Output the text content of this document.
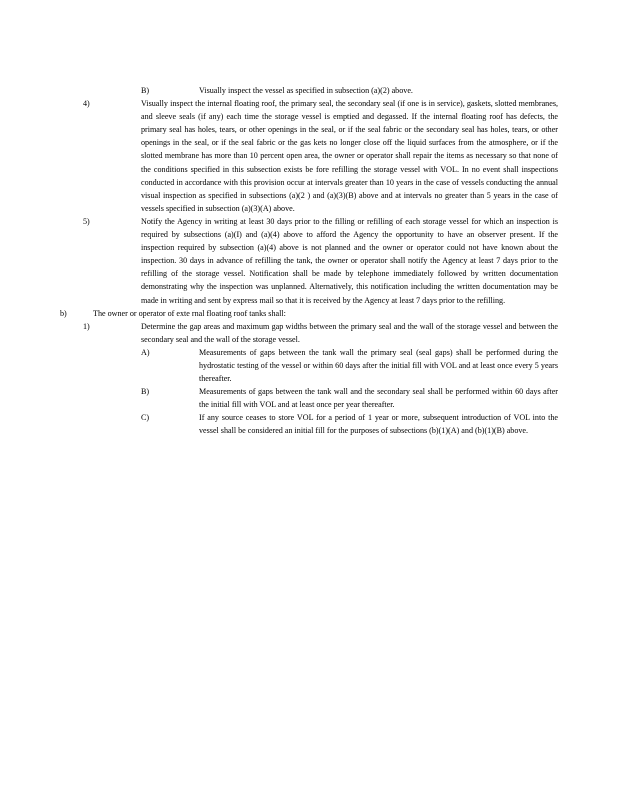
B)	Visually inspect the vessel as specified in subsection (a)(2) above.
4)	Visually inspect the internal floating roof, the primary seal, the secondary seal (if one is in service), gaskets, slotted membranes, and sleeve seals (if any) each time the storage vessel is emptied and degassed. If the internal floating roof has defects, the primary seal has holes, tears, or other openings in the seal, or if the seal fabric or the secondary seal has holes, tears, or other openings in the seal, or if the seal fabric or the gas kets no longer close off the liquid surfaces from the atmosphere, or if the slotted membrane has more than 10 percent open area, the owner or operator shall repair the items as necessary so that none of the conditions specified in this subsection exists be fore refilling the storage vessel with VOL. In no event shall inspections conducted in accordance with this provision occur at intervals greater than 10 years in the case of vessels conducting the annual visual inspection as specified in subsections (a)(2 ) and (a)(3)(B) above and at intervals no greater than 5 years in the case of vessels specified in subsection (a)(3)(A) above.
5)	Notify the Agency in writing at least 30 days prior to the filling or refilling of each storage vessel for which an inspection is required by subsections (a)(I) and (a)(4) above to afford the Agency the opportunity to have an observer present. If the inspection required by subsection (a)(4) above is not planned and the owner or operator could not have known about the inspection. 30 days in advance of refilling the tank, the owner or operator shall notify the Agency at least 7 days prior to the refilling of the storage vessel. Notification shall be made by telephone immediately followed by written documentation demonstrating why the inspection was unplanned. Alternatively, this notification including the written documentation may be made in writing and sent by express mail so that it is received by the Agency at least 7 days prior to the refilling.
b)	The owner or operator of exte rnal floating roof tanks shall:
1)	Determine the gap areas and maximum gap widths between the primary seal and the wall of the storage vessel and between the secondary seal and the wall of the storage vessel.
A)	Measurements of gaps between the tank wall the primary seal (seal gaps) shall be performed during the hydrostatic testing of the vessel or within 60 days after the initial fill with VOL and at least once every 5 years thereafter.
B)	Measurements of gaps between the tank wall and the secondary seal shall be performed within 60 days after the initial fill with VOL and at least once per year thereafter.
C)	If any source ceases to store VOL for a period of 1 year or more, subsequent introduction of VOL into the vessel shall be considered an initial fill for the purposes of subsections (b)(1)(A) and (b)(1)(B) above.
